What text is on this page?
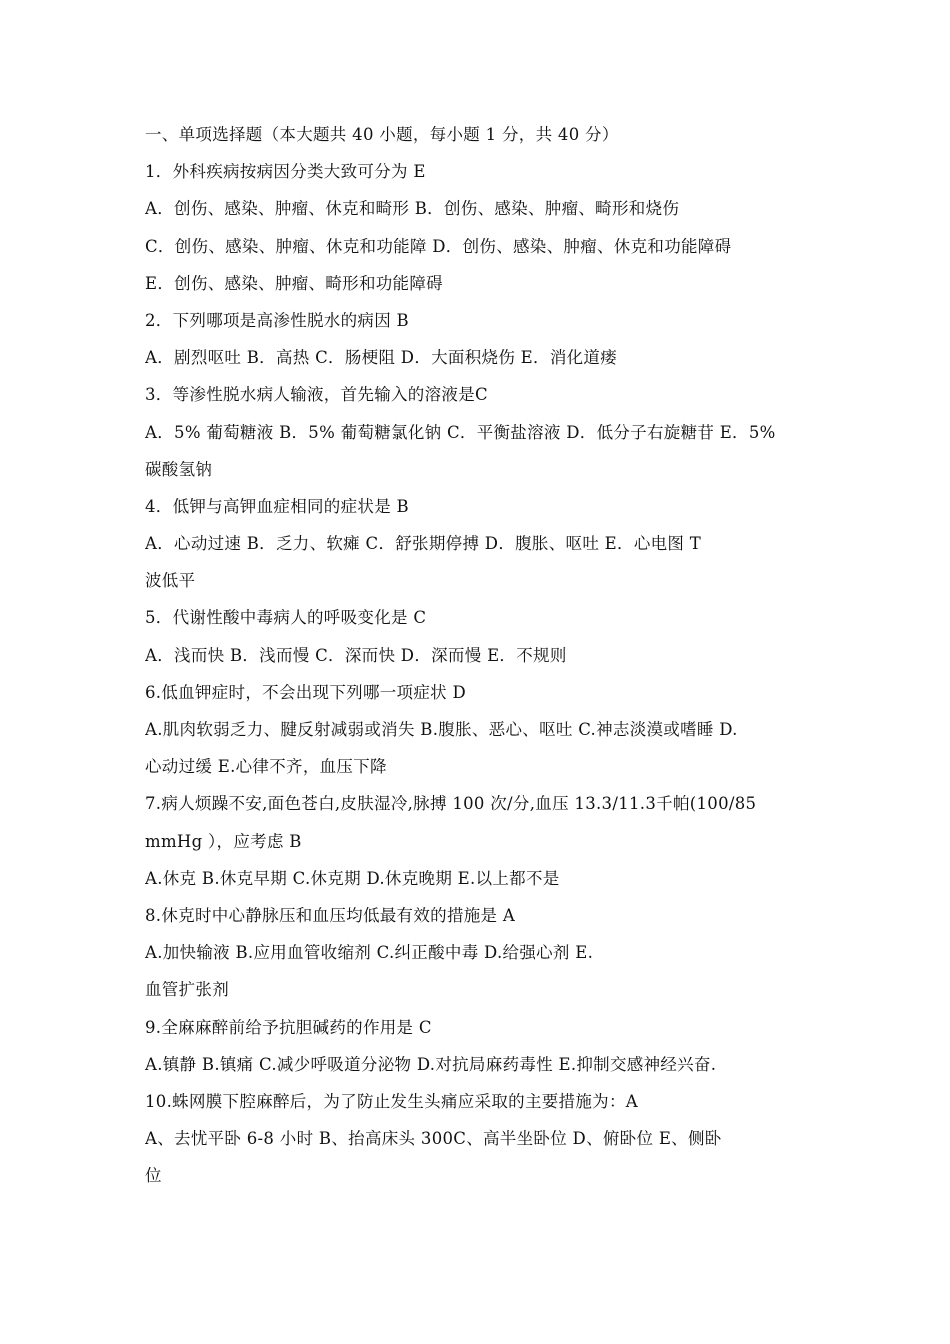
一、单项选择题（本大题共 40 小题，每小题 1 分，共 40 分）
1．外科疾病按病因分类大致可分为 E
A．创伤、感染、肿瘤、休克和畸形 B．创伤、感染、肿瘤、畸形和烧伤
C．创伤、感染、肿瘤、休克和功能障 D．创伤、感染、肿瘤、休克和功能障碍
E．创伤、感染、肿瘤、畸形和功能障碍
2．下列哪项是高渗性脱水的病因 B
A．剧烈呕吐 B．高热 C．肠梗阻 D．大面积烧伤 E．消化道瘘
3．等渗性脱水病人输液，首先输入的溶液是C
A．5% 葡萄糖液 B．5% 葡萄糖氯化钠 C．平衡盐溶液 D．低分子右旋糖苷 E．5%
碳酸氢钠
4．低钾与高钾血症相同的症状是 B
A．心动过速 B．乏力、软瘫 C．舒张期停搏 D．腹胀、呕吐 E．心电图 T
波低平
5．代谢性酸中毒病人的呼吸变化是 C
A．浅而快 B．浅而慢 C．深而快 D．深而慢 E．不规则
6.低血钾症时，不会出现下列哪一项症状 D
A.肌肉软弱乏力、腱反射减弱或消失 B.腹胀、恶心、呕吐 C.神志淡漠或嗜睡 D.
心动过缓 E.心律不齐，血压下降
7.病人烦躁不安,面色苍白,皮肤湿冷,脉搏 100 次/分,血压 13.3/11.3千帕(100/85
mmHg ），应考虑 B
A.休克 B.休克早期 C.休克期 D.休克晚期 E.以上都不是
8.休克时中心静脉压和血压均低最有效的措施是 A
A.加快输液 B.应用血管收缩剂 C.纠正酸中毒 D.给强心剂 E.
血管扩张剂
9.全麻麻醉前给予抗胆碱药的作用是 C
A.镇静 B.镇痛 C.减少呼吸道分泌物 D.对抗局麻药毒性 E.抑制交感神经兴奋.
10.蛛网膜下腔麻醉后，为了防止发生头痛应采取的主要措施为：A
A、去忧平卧 6-8 小时 B、抬高床头 300C、高半坐卧位 D、俯卧位 E、侧卧
位
